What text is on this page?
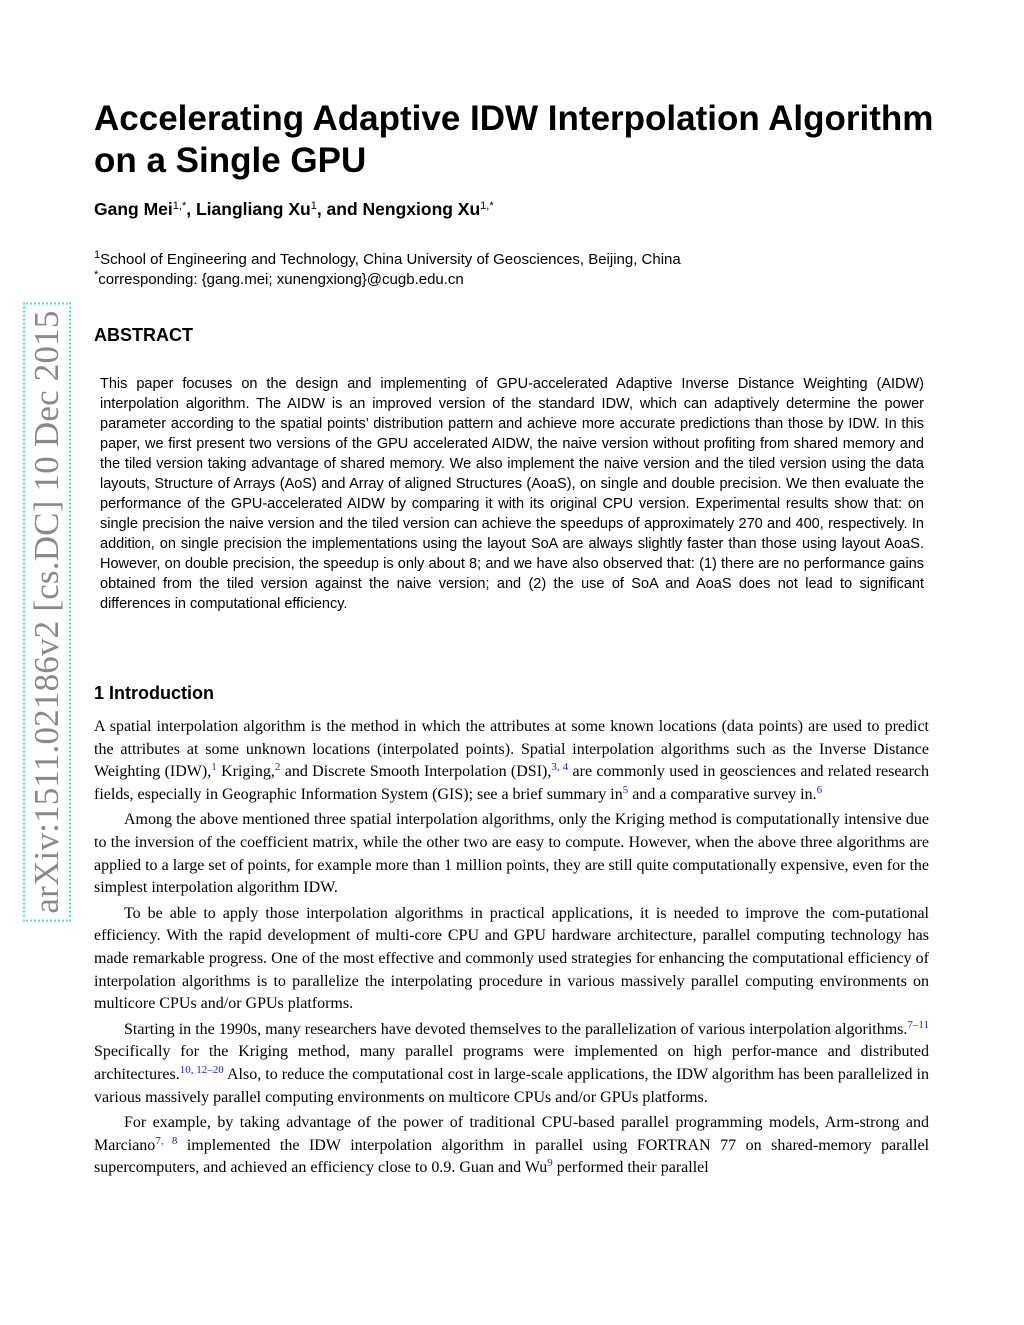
arXiv:1511.02186v2 [cs.DC] 10 Dec 2015
Accelerating Adaptive IDW Interpolation Algorithm on a Single GPU
Gang Mei$^{1,*}$, Liangliang Xu$^1$, and Nengxiong $Xu^{1,*}$
$^1$School of Engineering and Technology, China University of Geosciences, Beijing, China
*corresponding: {gang.mei; xunengxiong}@cugb.edu.cn
ABSTRACT

This paper focuses on the design and implementing of GPU-accelerated Adaptive Inverse Distance Weighting (AIDW) interpolation algorithm. The AIDW is an improved version of the standard IDW, which can adaptively determine the power parameter according to the spatial points’ distribution pattern and achieve more accurate predictions than those by IDW. In this paper, we first present two versions of the GPU accelerated AIDW, the naive version without profiting from shared memory and the tiled version taking advantage of shared memory. We also implement the naive version and the tiled version using the data layouts, Structure of Arrays (AoS) and Array of aligned Structures (AoaS), on single and double precision. We then evaluate the performance of the GPU-accelerated AIDW by comparing it with its original CPU version. Experimental results show that: on single precision the naive version and the tiled version can achieve the speedups of approximately 270 and 400, respectively. In addition, on single precision the implementations using the layout SoA are always slightly faster than those using layout AoaS. However, on double precision, the speedup is only about 8; and we have also observed that: (1) there are no performance gains obtained from the tiled version against the naive version; and (2) the use of SoA and AoaS does not lead to significant differences in computational efficiency.

1 Introduction

A spatial interpolation algorithm is the method in which the attributes at some known locations (data points) are used to predict the attributes at some unknown locations (interpolated points). Spatial interpolation algorithms such as the Inverse Distance Weighting (IDW),$^1$ Kriging,$^2$ and Discrete Smooth Interpolation (DSI),$^{3, 4}$ are commonly used in geosciences and related research fields, especially in Geographic Information System (GIS); see a brief summary in$^5$ and a comparative survey in.$^6$

Among the above mentioned three spatial interpolation algorithms, only the Kriging method is computationally intensive due to the inversion of the coefficient matrix, while the other two are easy to compute. However, when the above three algorithms are applied to a large set of points, for example more than 1 million points, they are still quite computationally expensive, even for the simplest interpolation algorithm IDW.

To be able to apply those interpolation algorithms in practical applications, it is needed to improve the com-putational efficiency. With the rapid development of multi-core CPU and GPU hardware architecture, parallel computing technology has made remarkable progress. One of the most effective and commonly used strategies for enhancing the computational efficiency of interpolation algorithms is to parallelize the interpolating procedure in various massively parallel computing environments on multicore CPUs and/or GPUs platforms.

Starting in the 1990s, many researchers have devoted themselves to the parallelization of various interpolation algorithms.$^{7-11}$ Specifically for the Kriging method, many parallel programs were implemented on high perfor-mance and distributed architectures.$^{10, 12-20}$ Also, to reduce the computational cost in large-scale applications, the IDW algorithm has been parallelized in various massively parallel computing environments on multicore CPUs and/or GPUs platforms.

For example, by taking advantage of the power of traditional CPU-based parallel programming models, Arm-strong and Marciano$^{7, 8}$ implemented the IDW interpolation algorithm in parallel using FORTRAN 77 on shared-memory parallel supercomputers, and achieved an efficiency close to 0.9. Guan and Wu$^9$ performed their parallel
